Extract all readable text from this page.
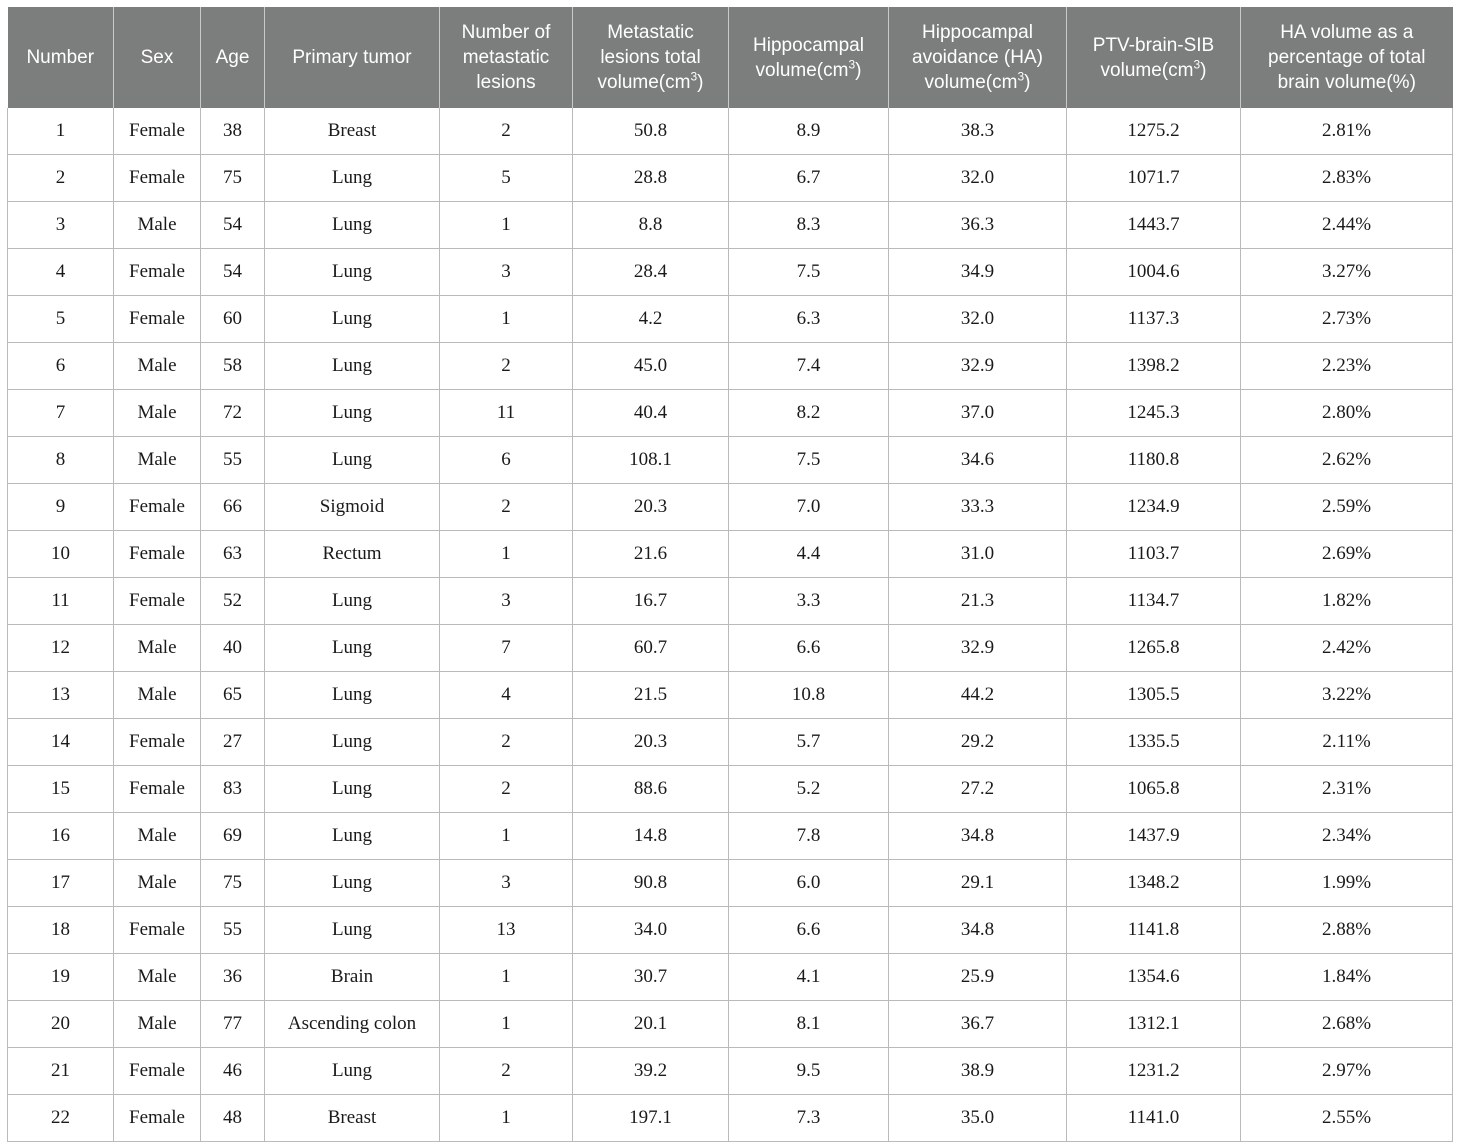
Number	Sex	Age	Primary tumor	Number of metastatic lesions	Metastatic lesions total $volume(cm^3)$	Hippocampal $volume(cm^3)$	Hippocampal avoidance (HA) $volume(cm^3)$	PTV-brain-SIB $volume(cm^3)$	HA volume as a percentage of total brain volume(%)
1	Female	38	Breast	2	50.8	8.9	38.3	1275.2	2.81%
2	Female	75	Lung	5	28.8	6.7	32.0	1071.7	2.83%
3	Male	54	Lung	1	8.8	8.3	36.3	1443.7	2.44%
4	Female	54	Lung	3	28.4	7.5	34.9	1004.6	3.27%
5	Female	60	Lung	1	4.2	6.3	32.0	1137.3	2.73%
6	Male	58	Lung	2	45.0	7.4	32.9	1398.2	2.23%
7	Male	72	Lung	11	40.4	8.2	37.0	1245.3	2.80%
8	Male	55	Lung	6	108.1	7.5	34.6	1180.8	2.62%
9	Female	66	Sigmoid	2	20.3	7.0	33.3	1234.9	2.59%
10	Female	63	Rectum	1	21.6	4.4	31.0	1103.7	2.69%
11	Female	52	Lung	3	16.7	3.3	21.3	1134.7	1.82%
12	Male	40	Lung	7	60.7	6.6	32.9	1265.8	2.42%
13	Male	65	Lung	4	21.5	10.8	44.2	1305.5	3.22%
14	Female	27	Lung	2	20.3	5.7	29.2	1335.5	2.11%
15	Female	83	Lung	2	88.6	5.2	27.2	1065.8	2.31%
16	Male	69	Lung	1	14.8	7.8	34.8	1437.9	2.34%
17	Male	75	Lung	3	90.8	6.0	29.1	1348.2	1.99%
18	Female	55	Lung	13	34.0	6.6	34.8	1141.8	2.88%
19	Male	36	Brain	1	30.7	4.1	25.9	1354.6	1.84%
20	Male	77	Ascending colon	1	20.1	8.1	36.7	1312.1	2.68%
21	Female	46	Lung	2	39.2	9.5	38.9	1231.2	2.97%
22	Female	48	Breast	1	197.1	7.3	35.0	1141.0	2.55%
